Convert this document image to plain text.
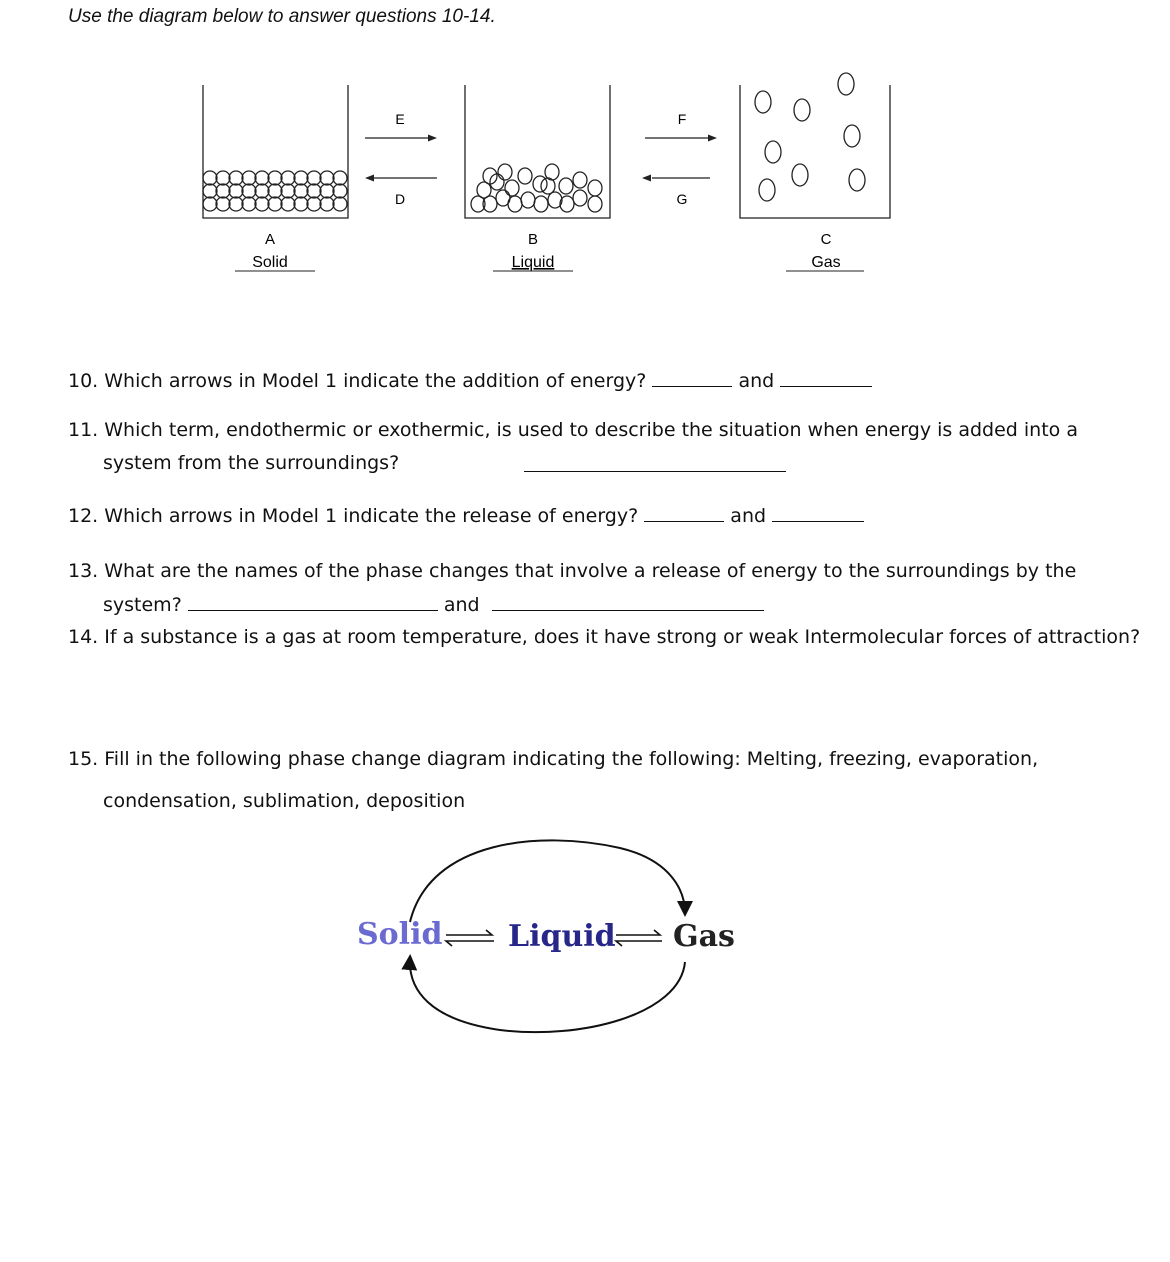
Use the diagram below to answer questions 10-14.
E
D
F
G
A
Solid
B
Liquid
C
Gas
10. Which arrows in Model 1 indicate the addition of energy?	and
11. Which term, endothermic or exothermic, is used to describe the situation when energy is added into a
system from the surroundings?
12. Which arrows in Model 1 indicate the release of energy?	and
13. What are the names of the phase changes that involve a release of energy to the surroundings by the
system?	and
14. If a substance is a gas at room temperature, does it have strong or weak Intermolecular forces of attraction?
15. Fill in the following phase change diagram indicating the following: Melting, freezing, evaporation,
condensation, sublimation, deposition
Solid Liquid Gas
